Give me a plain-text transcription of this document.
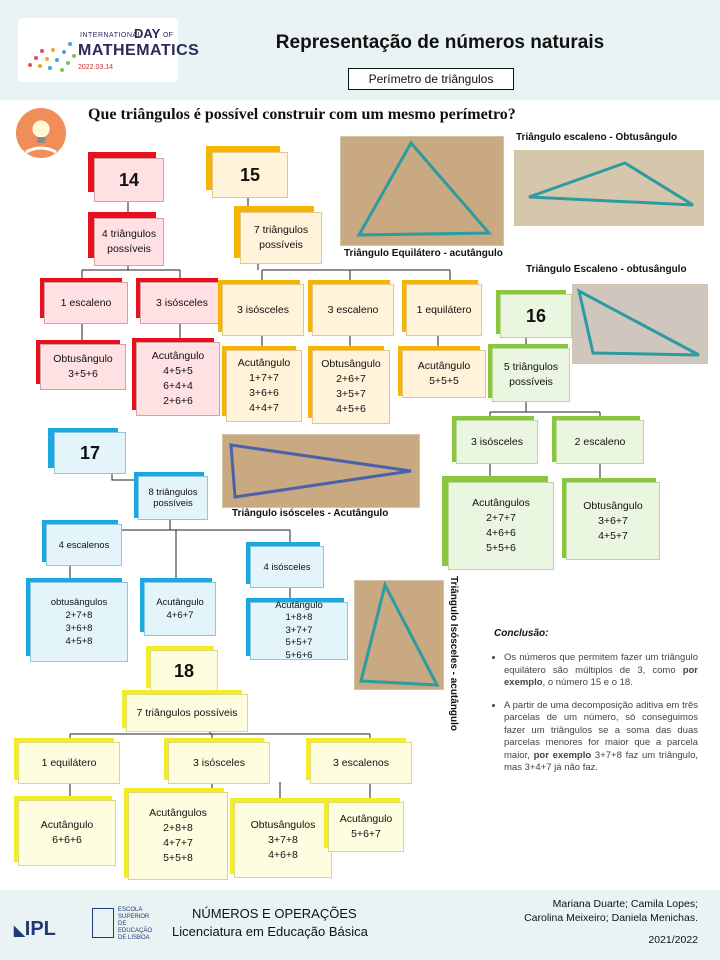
INTERNATIONAL
DAY OF
MATHEMATICS
2022.03.14
Representação de números naturais
Perímetro de triângulos
Que triângulos é possível construir com um mesmo perímetro?
14
4 triângulos possíveis
1 escaleno	3 isósceles
Obtusângulo
3+5+6
Acutângulo
4+5+5
6+4+4
2+6+6
15
7 triângulos possíveis
3 isósceles	3 escaleno	1 equilátero
Acutângulo
1+7+7
3+6+6
4+4+7
Obtusângulo
2+6+7
3+5+7
4+5+6
Acutângulo
5+5+5
Triângulo Equilátero - acutângulo
Triângulo escaleno - Obtusângulo
Triângulo Escaleno - obtusângulo
16
5 triângulos possíveis
3 isósceles	2 escaleno
Acutângulos
2+7+7
4+6+6
5+5+6
Obtusângulo
3+6+7
4+5+7
Triângulo isósceles - Acutângulo
17
8 triângulos possíveis
4 escalenos
4 isósceles
obtusângulos
2+7+8
3+6+8
4+5+8
Acutângulo
4+6+7
Acutângulo
1+8+8
3+7+7
5+5+7
5+6+6	Triângulo Isósceles - acutângulo
18
7 triângulos possíveis
1 equilátero	3 isósceles	3 escalenos
Acutângulo
6+6+6
Acutângulos
2+8+8
4+7+7
5+5+8
Obtusângulos
3+7+8
4+6+8
Acutângulo
5+6+7
Conclusão:
• Os números que permitem fazer um triângulo equilátero são múltiplos de 3, como por exemplo, o número 15 e o 18.
• A partir de uma decomposição aditiva em três parcelas de um número, só conseguimos fazer um triângulos se a soma das duas parcelas menores for maior que a parcela maior, por exemplo 3+7+8 faz um triângulo, mas 3+4+7 já não faz.
◣IPL
ESCOLA SUPERIOR DE EDUCAÇÃO DE LISBOA
NÚMEROS E OPERAÇÕES
Licenciatura em Educação Básica
Mariana Duarte; Camila Lopes;
Carolina Meixeiro; Daniela Menichas.
2021/2022
